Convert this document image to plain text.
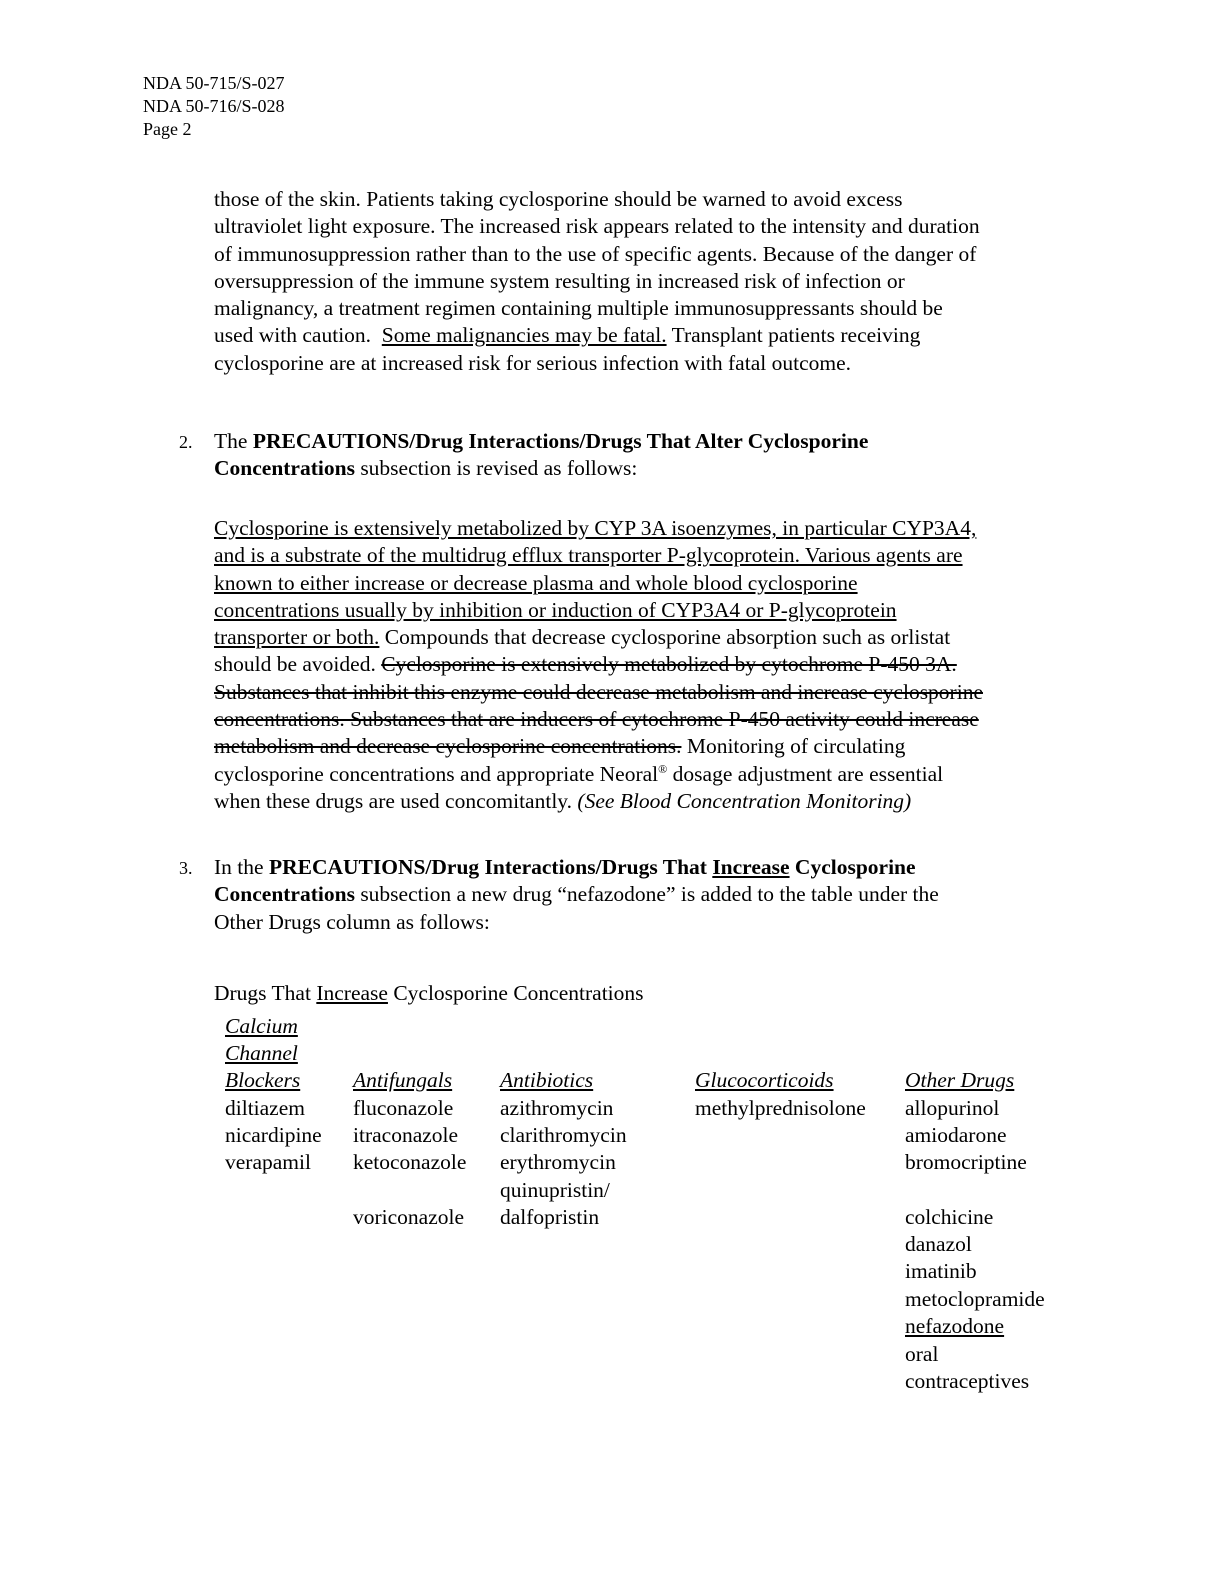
NDA 50-715/S-027
NDA 50-716/S-028
Page 2
those of the skin. Patients taking cyclosporine should be warned to avoid excess
ultraviolet light exposure. The increased risk appears related to the intensity and duration
of immunosuppression rather than to the use of specific agents. Because of the danger of
oversuppression of the immune system resulting in increased risk of infection or
malignancy, a treatment regimen containing multiple immunosuppressants should be
used with caution.  Some malignancies may be fatal. Transplant patients receiving
cyclosporine are at increased risk for serious infection with fatal outcome.
2. The PRECAUTIONS/Drug Interactions/Drugs That Alter Cyclosporine
Concentrations subsection is revised as follows:
Cyclosporine is extensively metabolized by CYP 3A isoenzymes, in particular CYP3A4,
and is a substrate of the multidrug efflux transporter P-glycoprotein. Various agents are
known to either increase or decrease plasma and whole blood cyclosporine
concentrations usually by inhibition or induction of CYP3A4 or P-glycoprotein
transporter or both. Compounds that decrease cyclosporine absorption such as orlistat
should be avoided. Cyclosporine is extensively metabolized by cytochrome P-450 3A.
Substances that inhibit this enzyme could decrease metabolism and increase cyclosporine
concentrations. Substances that are inducers of cytochrome P-450 activity could increase
metabolism and decrease cyclosporine concentrations. Monitoring of circulating
cyclosporine concentrations and appropriate Neoral® dosage adjustment are essential
when these drugs are used concomitantly. (See Blood Concentration Monitoring)
3. In the PRECAUTIONS/Drug Interactions/Drugs That Increase Cyclosporine
Concentrations subsection a new drug “nefazodone” is added to the table under the
Other Drugs column as follows:
Drugs That Increase Cyclosporine Concentrations
Calcium
Channel
Blockers Antifungals Antibiotics	Glucocorticoids	Other Drugs
diltiazem
nicardipine
verapamil
fluconazole
itraconazole
ketoconazole
voriconazole
azithromycin
clarithromycin
erythromycin
quinupristin/
dalfopristin
methylprednisolone allopurinol
amiodarone
bromocriptine
colchicine
danazol
imatinib
metoclopramide
nefazodone
oral
contraceptives
